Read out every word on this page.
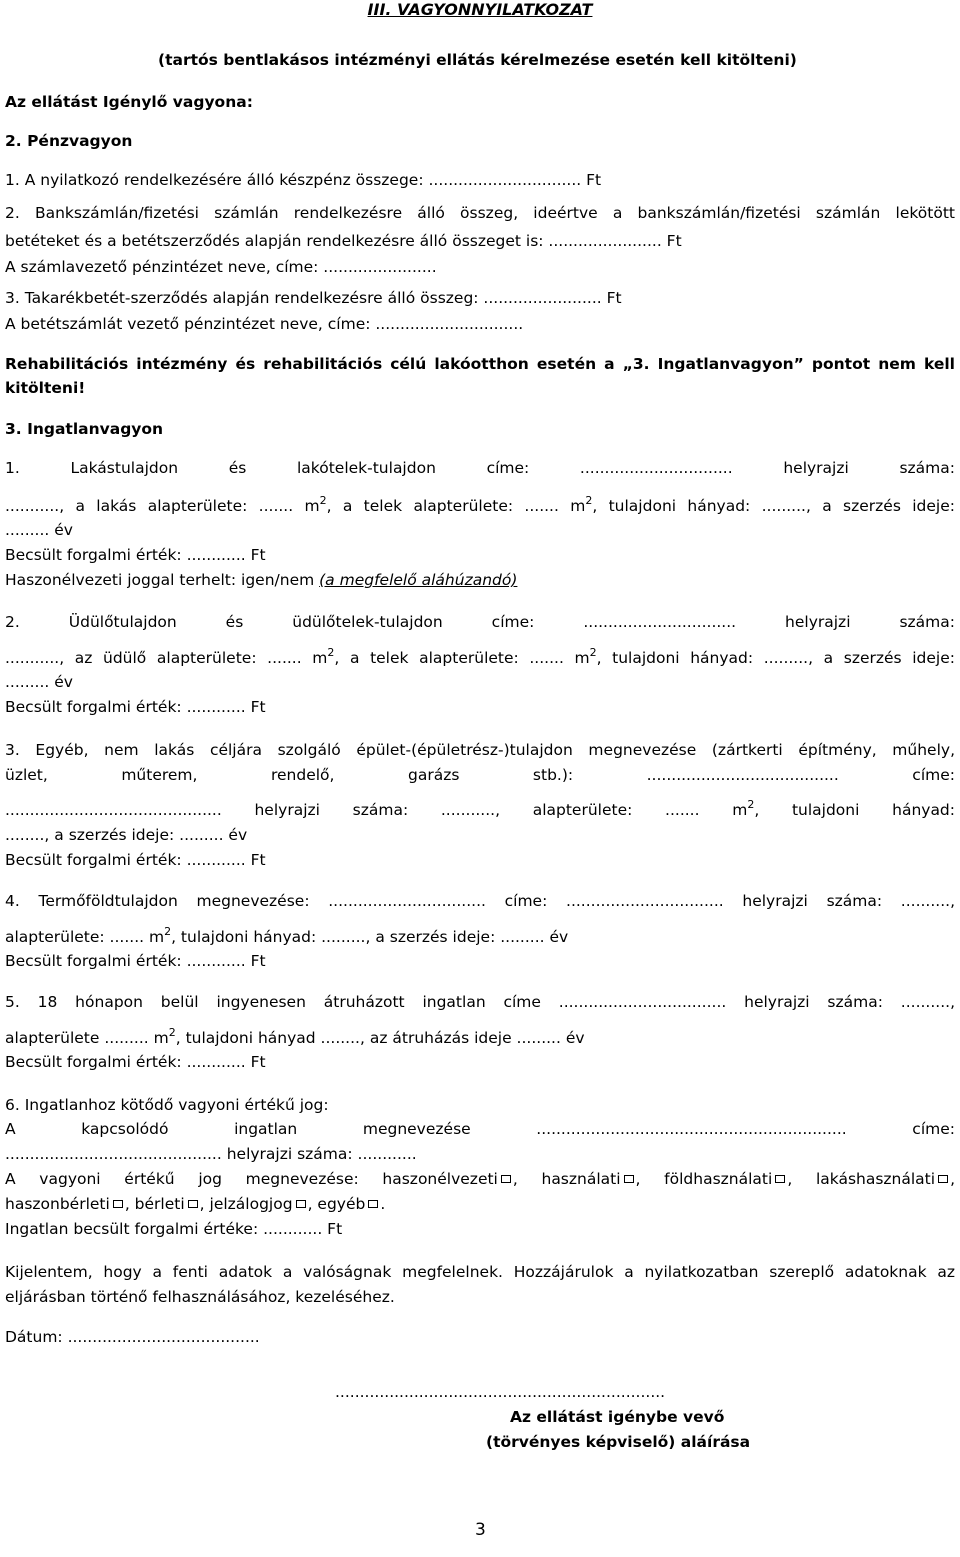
III. VAGYONNYILATKOZAT
(tartós bentlakásos intézményi ellátás kérelmezése esetén kell kitölteni)
Az ellátást Igénylő vagyona:
2. Pénzvagyon
1. A nyilatkozó rendelkezésére álló készpénz összege: ............................... Ft
2. Bankszámlán/fizetési számlán rendelkezésre álló összeg, ideértve a bankszámlán/fizetési számlán lekötött
betéteket és a betétszerződés alapján rendelkezésre álló összeget is: ....................... Ft
A számlavezető pénzintézet neve, címe: .......................
3. Takarékbetét-szerződés alapján rendelkezésre álló összeg: ........................ Ft
A betétszámlát vezető pénzintézet neve, címe: ..............................
Rehabilitációs intézmény és rehabilitációs célú lakóotthon esetén a „3. Ingatlanvagyon” pontot nem kell
kitölteni!
3. Ingatlanvagyon
1. Lakástulajdon és lakótelek-tulajdon címe: ............................... helyrajzi száma:
..........., a lakás alapterülete: ....... $m^2$, a telek alapterülete: ....... $m^2$, tulajdoni hányad: ........., a szerzés ideje:
......... év
Becsült forgalmi érték: ............ Ft
Haszonélvezeti joggal terhelt: igen/nem (a megfelelő aláhúzandó)
2. Üdülőtulajdon és üdülőtelek-tulajdon címe: ............................... helyrajzi száma:
..........., az üdülő alapterülete: ....... $m^2$, a telek alapterülete: ....... $m^2$, tulajdoni hányad: ........., a szerzés ideje:
......... év
Becsült forgalmi érték: ............ Ft
3. Egyéb, nem lakás céljára szolgáló épület-(épületrész-)tulajdon megnevezése (zártkerti építmény, műhely,
üzlet, műterem, rendelő, garázs stb.): ....................................... címe:
............................................ helyrajzi száma: ..........., alapterülete: ....... $m^2$, tulajdoni hányad:
........, a szerzés ideje: ......... év
Becsült forgalmi érték: ............ Ft
4. Termőföldtulajdon megnevezése: ................................ címe: ................................ helyrajzi száma: ..........,
alapterülete: ....... $m^2$, tulajdoni hányad: ........., a szerzés ideje: ......... év
Becsült forgalmi érték: ............ Ft
5. 18 hónapon belül ingyenesen átruházott ingatlan címe .................................. helyrajzi száma: ..........,
alapterülete ......... $m^2$, tulajdoni hányad ........, az átruházás ideje ......... év
Becsült forgalmi érték: ............ Ft
6. Ingatlanhoz kötődő vagyoni értékű jog:
A kapcsolódó ingatlan megnevezése ............................................................... címe:
............................................ helyrajzi száma: ............
A vagyoni értékű jog megnevezése: haszonélvezeti , használati , földhasználati , lakáshasználati ,
haszonbérleti , bérleti , jelzálogjog , egyéb .
Ingatlan becsült forgalmi értéke: ............ Ft
Kijelentem, hogy a fenti adatok a valóságnak megfelelnek. Hozzájárulok a nyilatkozatban szereplő adatoknak az
eljárásban történő felhasználásához, kezeléséhez.
Dátum: .......................................
...................................................................
Az ellátást igénybe vevő
(törvényes képviselő) aláírása
3
